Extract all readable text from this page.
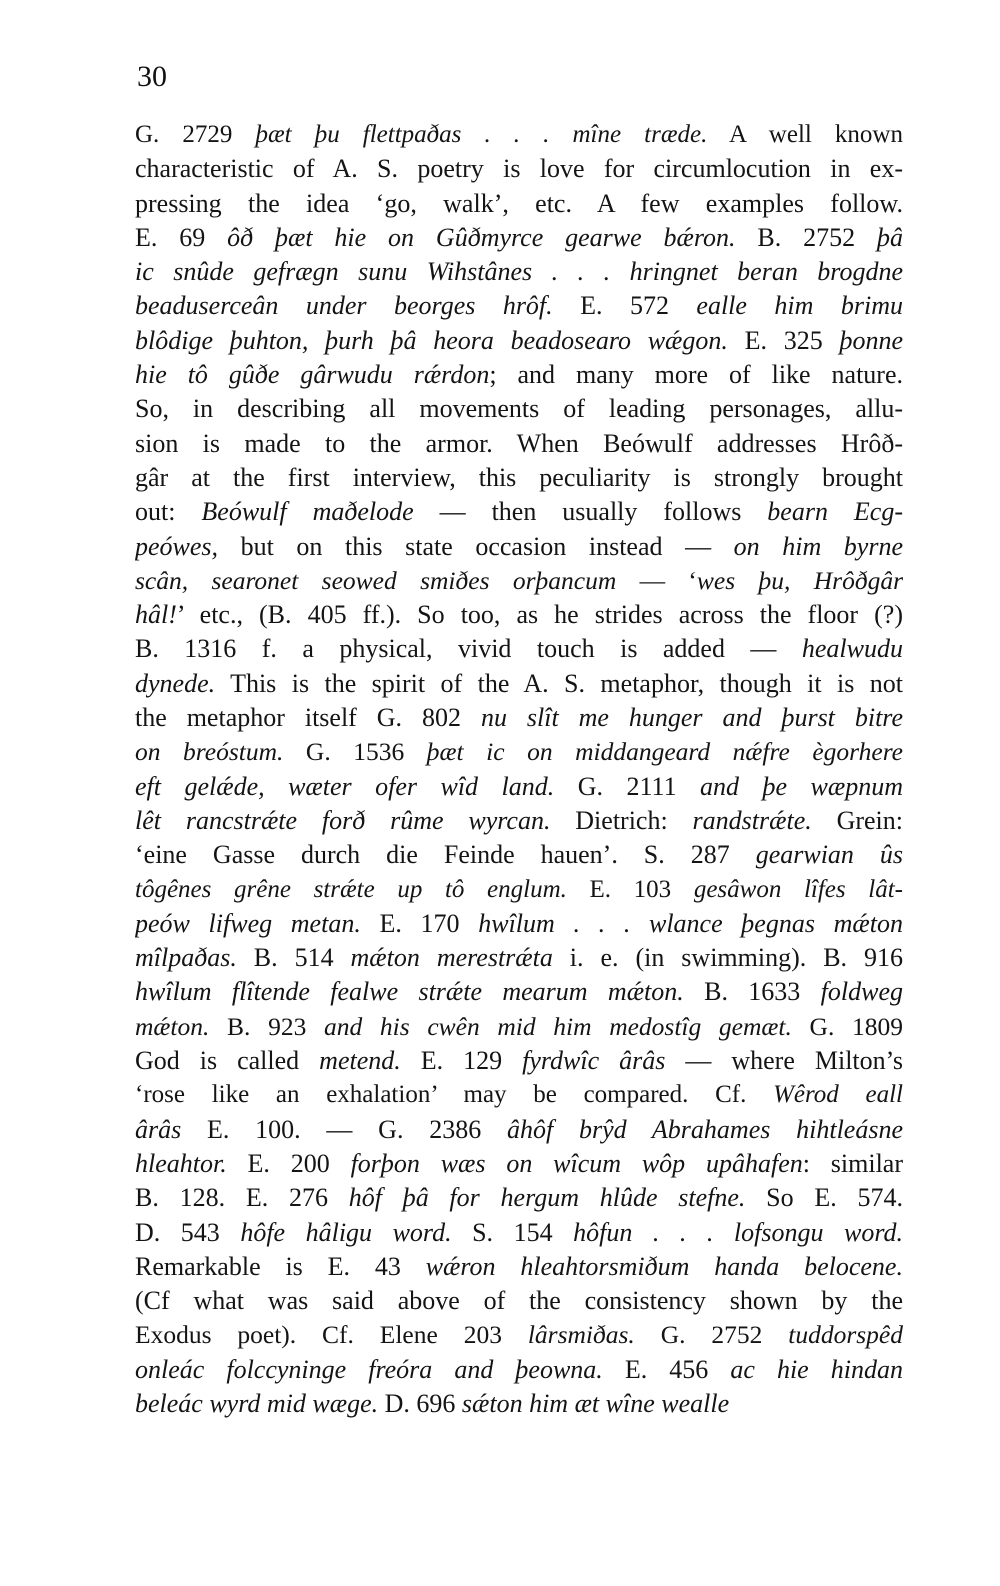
30
G. 2729 þæt þu flettpaðas . . . mîne træde. A well known
characteristic of A. S. poetry is love for circumlocution in ex-
pressing the idea ‘go, walk’, etc. A few examples follow.
E. 69 ôð þæt hie on Gûðmyrce gearwe bǽron. B. 2752 þâ
ic snûde gefrægn sunu Wihstânes . . . hringnet beran brogdne
beaduserceân under beorges hrôf. E. 572 ealle him brimu
blôdige þuhton, þurh þâ heora beadosearo wǽgon. E. 325 þonne
hie tô gûðe gârwudu rǽrdon; and many more of like nature.
So, in describing all movements of leading personages, allu-
sion is made to the armor. When Beówulf addresses Hrôð-
gâr at the first interview, this peculiarity is strongly brought
out: Beówulf maðelode — then usually follows bearn Ecg-
peówes, but on this state occasion instead — on him byrne
scân, searonet seowed smiðes orþancum — ‘wes þu, Hrôðgâr
hâl!’ etc., (B. 405 ff.). So too, as he strides across the floor (?)
B. 1316 f. a physical, vivid touch is added — healwudu
dynede. This is the spirit of the A. S. metaphor, though it is not
the metaphor itself G. 802 nu slît me hunger and þurst bitre
on breóstum. G. 1536 þæt ic on middangeard nǽfre ègorhere
eft gelǽde, wæter ofer wîd land. G. 2111 and þe wæpnum
lêt rancstrǽte forð rûme wyrcan. Dietrich: randstrǽte. Grein:
‘eine Gasse durch die Feinde hauen’. S. 287 gearwian ûs
tôgênes grêne strǽte up tô englum. E. 103 gesâwon lîfes lât-
peów lifweg metan. E. 170 hwîlum . . . wlance þegnas mǽton
mîlpaðas. B. 514 mǽton merestrǽta i. e. (in swimming). B. 916
hwîlum flîtende fealwe strǽte mearum mǽton. B. 1633 foldweg
mǽton. B. 923 and his cwên mid him medostîg gemæt. G. 1809
God is called metend. E. 129 fyrdwîc ârâs — where Milton’s
‘rose like an exhalation’ may be compared. Cf. Wêrod eall
ârâs E. 100. — G. 2386 âhôf brŷd Abrahames hihtleásne
hleahtor. E. 200 forþon wæs on wîcum wôp upâhafen: similar
B. 128. E. 276 hôf þâ for hergum hlûde stefne. So E. 574.
D. 543 hôfe hâligu word. S. 154 hôfun . . . lofsongu word.
Remarkable is E. 43 wǽron hleahtorsmiðum handa belocene.
(Cf what was said above of the consistency shown by the
Exodus poet). Cf. Elene 203 lârsmiðas. G. 2752 tuddorspêd
onleác folccyninge freóra and þeowna. E. 456 ac hie hindan
beleác wyrd mid wæge. D. 696 sǽton him æt wîne wealle
